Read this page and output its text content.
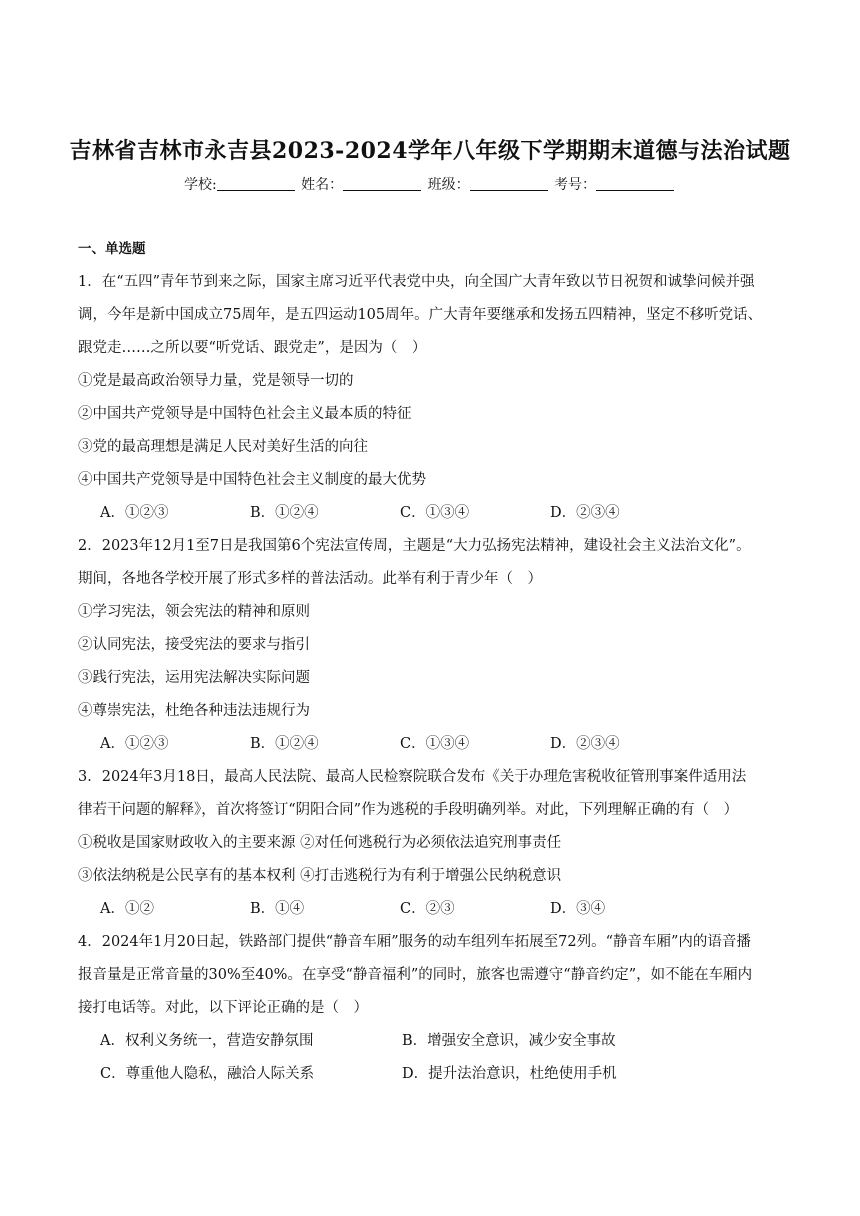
吉林省吉林市永吉县2023-2024学年八年级下学期期末道德与法治试题
学校:	姓名：	班级：	考号：
一、单选题
1．在“五四”青年节到来之际，国家主席习近平代表党中央，向全国广大青年致以节日祝贺和诚挚问候并强
调，今年是新中国成立75周年，是五四运动105周年。广大青年要继承和发扬五四精神，坚定不移听党话、
跟党走……之所以要“听党话、跟党走”，是因为（　）
①党是最高政治领导力量，党是领导一切的
②中国共产党领导是中国特色社会主义最本质的特征
③党的最高理想是满足人民对美好生活的向往
④中国共产党领导是中国特色社会主义制度的最大优势
A．①②③	B．①②④	C．①③④	D．②③④
2．2023年12月1至7日是我国第6个宪法宣传周，主题是“大力弘扬宪法精神，建设社会主义法治文化”。
期间，各地各学校开展了形式多样的普法活动。此举有利于青少年（　）
①学习宪法，领会宪法的精神和原则
②认同宪法，接受宪法的要求与指引
③践行宪法，运用宪法解决实际问题
④尊崇宪法，杜绝各种违法违规行为
A．①②③	B．①②④	C．①③④	D．②③④
3．2024年3月18日，最高人民法院、最高人民检察院联合发布《关于办理危害税收征管刑事案件适用法
律若干问题的解释》，首次将签订“阴阳合同”作为逃税的手段明确列举。对此，下列理解正确的有（　）
①税收是国家财政收入的主要来源 ②对任何逃税行为必须依法追究刑事责任
③依法纳税是公民享有的基本权利 ④打击逃税行为有利于增强公民纳税意识
A．①②	B．①④	C．②③	D．③④
4．2024年1月20日起，铁路部门提供“静音车厢”服务的动车组列车拓展至72列。“静音车厢”内的语音播
报音量是正常音量的30%至40%。在享受“静音福利”的同时，旅客也需遵守“静音约定”，如不能在车厢内
接打电话等。对此，以下评论正确的是（　）
A．权利义务统一，营造安静氛围	B．增强安全意识，减少安全事故
C．尊重他人隐私，融洽人际关系	D．提升法治意识，杜绝使用手机
